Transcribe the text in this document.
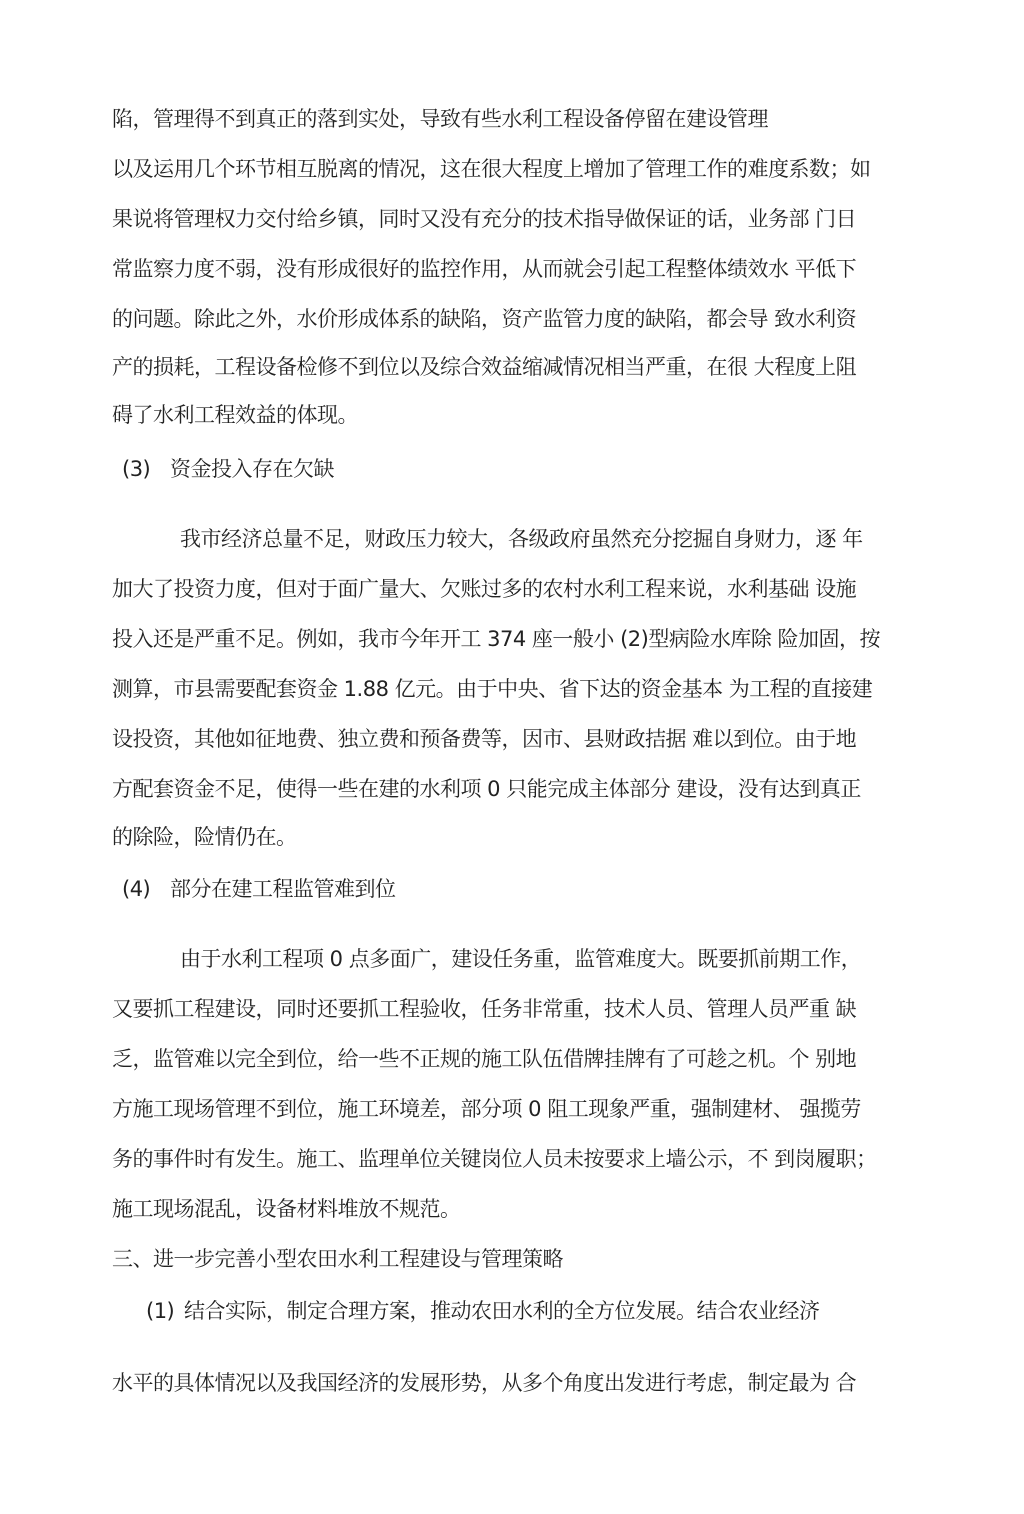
陷，管理得不到真正的落到实处，导致有些水利工程设备停留在建设管理

以及运用几个环节相互脱离的情况，这在很大程度上增加了管理工作的难度系数；如

果说将管理权力交付给乡镇，同时又没有充分的技术指导做保证的话，业务部 门日

常监察力度不弱，没有形成很好的监控作用，从而就会引起工程整体绩效水 平低下

的问题。除此之外，水价形成体系的缺陷，资产监管力度的缺陷，都会导 致水利资

产的损耗，工程设备检修不到位以及综合效益缩减情况相当严重，在很 大程度上阻

碍了水利工程效益的体现。

(3) 资金投入存在欠缺

我市经济总量不足，财政压力较大，各级政府虽然充分挖掘自身财力，逐 年

加大了投资力度，但对于面广量大、欠账过多的农村水利工程来说，水利基础 设施

投入还是严重不足。例如，我市今年开工 374 座一般小 (2)型病险水库除 险加固，按

测算，市县需要配套资金 1.88 亿元。由于中央、省下达的资金基本 为工程的直接建

设投资，其他如征地费、独立费和预备费等，因市、县财政拮据 难以到位。由于地

方配套资金不足，使得一些在建的水利项 0 只能完成主体部分 建设，没有达到真正

的除险，险情仍在。

(4) 部分在建工程监管难到位

由于水利工程项 0 点多面广，建设任务重，监管难度大。既要抓前期工作，

又要抓工程建设，同时还要抓工程验收，任务非常重，技术人员、管理人员严重 缺

乏，监管难以完全到位，给一些不正规的施工队伍借牌挂牌有了可趁之机。个 别地

方施工现场管理不到位，施工环境差，部分项 0 阻工现象严重，强制建材、 强揽劳

务的事件时有发生。施工、监理单位关键岗位人员未按要求上墙公示，不 到岗履职；

施工现场混乱，设备材料堆放不规范。

三、进一步完善小型农田水利工程建设与管理策略

(1) 结合实际，制定合理方案，推动农田水利的全方位发展。结合农业经济

水平的具体情况以及我国经济的发展形势，从多个角度出发进行考虑，制定最为 合
